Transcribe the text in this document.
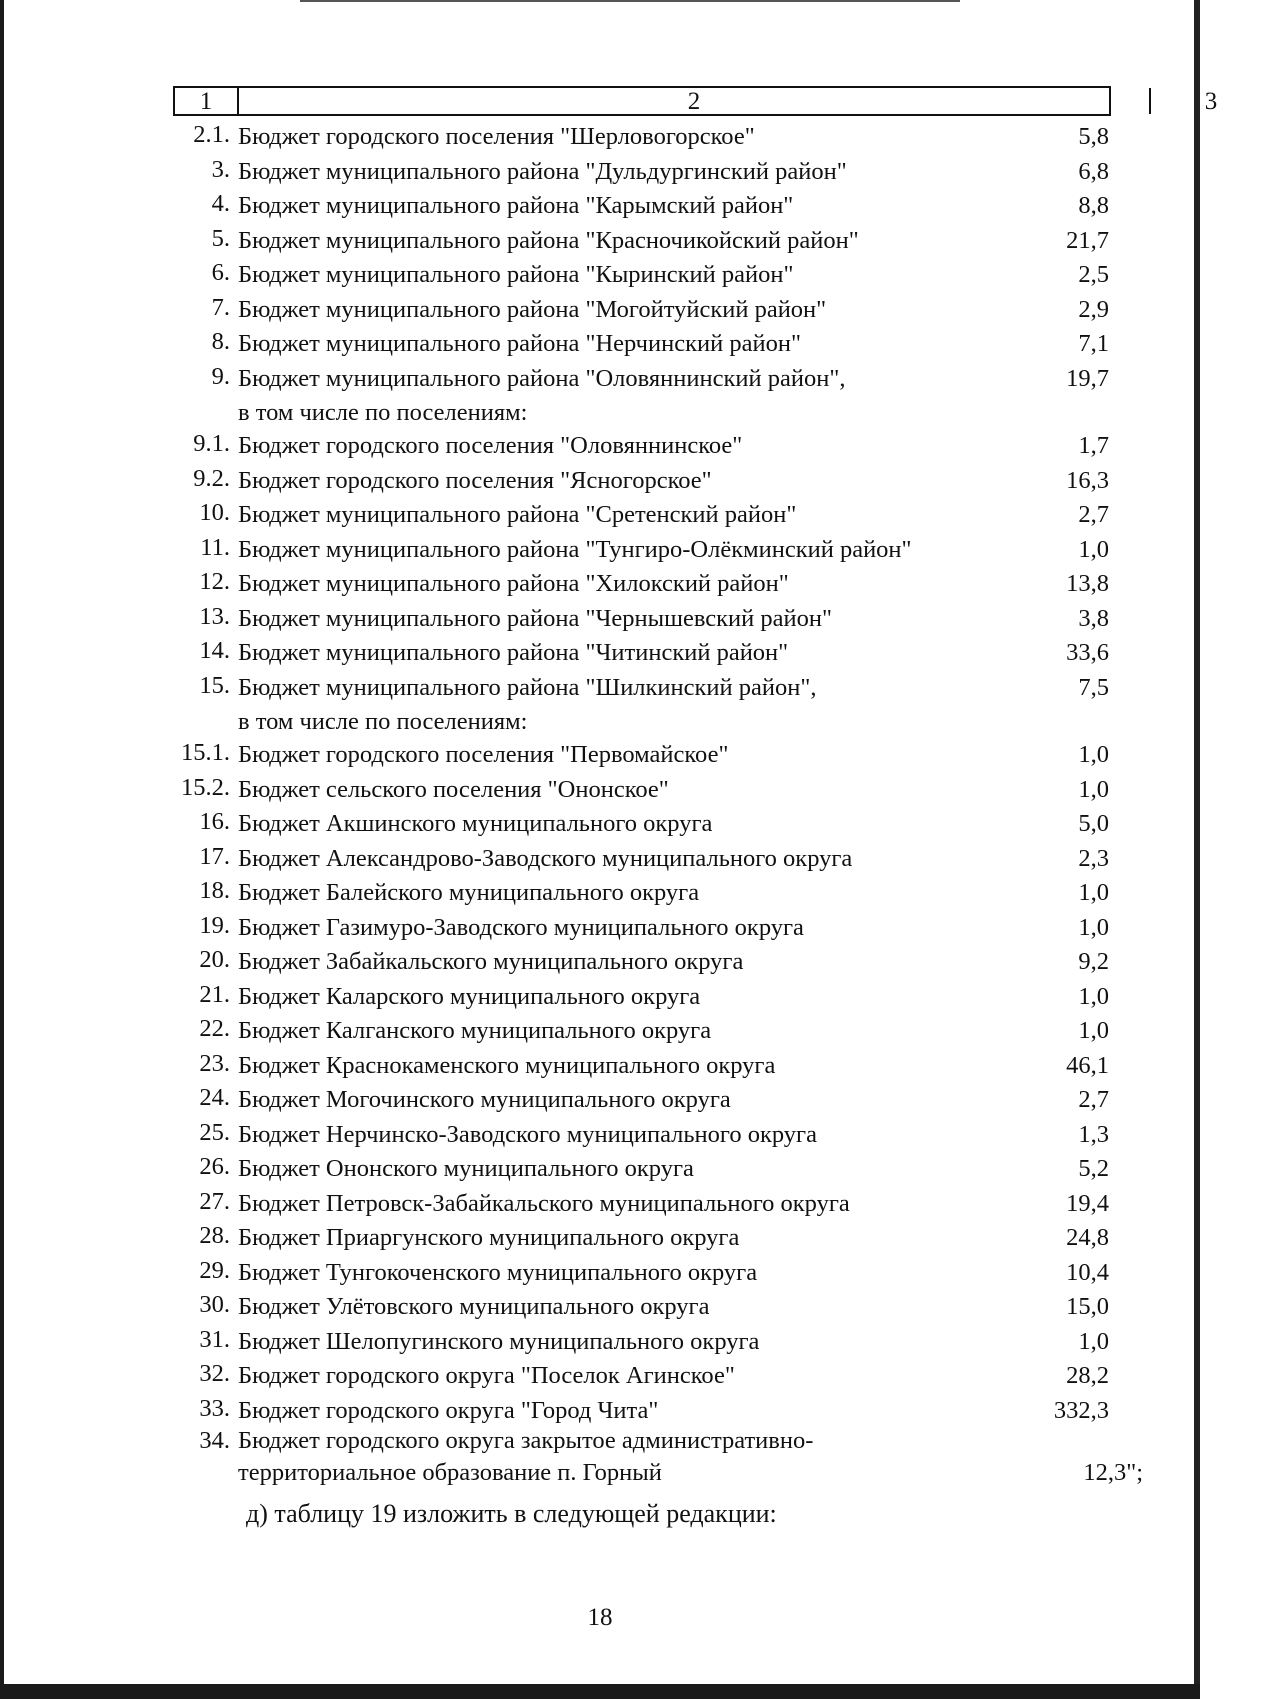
1	2	3
2.1. Бюджет городского поселения "Шерловогорское"	5,8
3. Бюджет муниципального района "Дульдургинский район"	6,8
4. Бюджет муниципального района "Карымский район"	8,8
5. Бюджет муниципального района "Красночикойский район"	21,7
6. Бюджет муниципального района "Кыринский район"	2,5
7. Бюджет муниципального района "Могойтуйский район"	2,9
8. Бюджет муниципального района "Нерчинский район"	7,1
9. Бюджет муниципального района "Оловяннинский район",	19,7
в том числе по поселениям:
9.1. Бюджет городского поселения "Оловяннинское"	1,7
9.2. Бюджет городского поселения "Ясногорское"	16,3
10. Бюджет муниципального района "Сретенский район"	2,7
11. Бюджет муниципального района "Тунгиро-Олёкминский район"	1,0
12. Бюджет муниципального района "Хилокский район"	13,8
13. Бюджет муниципального района "Чернышевский район"	3,8
14. Бюджет муниципального района "Читинский район"	33,6
15. Бюджет муниципального района "Шилкинский район",	7,5
в том числе по поселениям:
15.1. Бюджет городского поселения "Первомайское"	1,0
15.2. Бюджет сельского поселения "Ононское"	1,0
16. Бюджет Акшинского муниципального округа	5,0
17. Бюджет Александрово-Заводского муниципального округа	2,3
18. Бюджет Балейского муниципального округа	1,0
19. Бюджет Газимуро-Заводского муниципального округа	1,0
20. Бюджет Забайкальского муниципального округа	9,2
21. Бюджет Каларского муниципального округа	1,0
22. Бюджет Калганского муниципального округа	1,0
23. Бюджет Краснокаменского муниципального округа	46,1
24. Бюджет Могочинского муниципального округа	2,7
25. Бюджет Нерчинско-Заводского муниципального округа	1,3
26. Бюджет Ононского муниципального округа	5,2
27. Бюджет Петровск-Забайкальского муниципального округа	19,4
28. Бюджет Приаргунского муниципального округа	24,8
29. Бюджет Тунгокоченского муниципального округа	10,4
30. Бюджет Улётовского муниципального округа	15,0
31. Бюджет Шелопугинского муниципального округа	1,0
32. Бюджет городского округа "Поселок Агинское"	28,2
33. Бюджет городского округа "Город Чита"	332,3
34. Бюджет городского округа закрытое административно-
территориальное образование п. Горный	12,3";
д) таблицу 19 изложить в следующей редакции:
18
